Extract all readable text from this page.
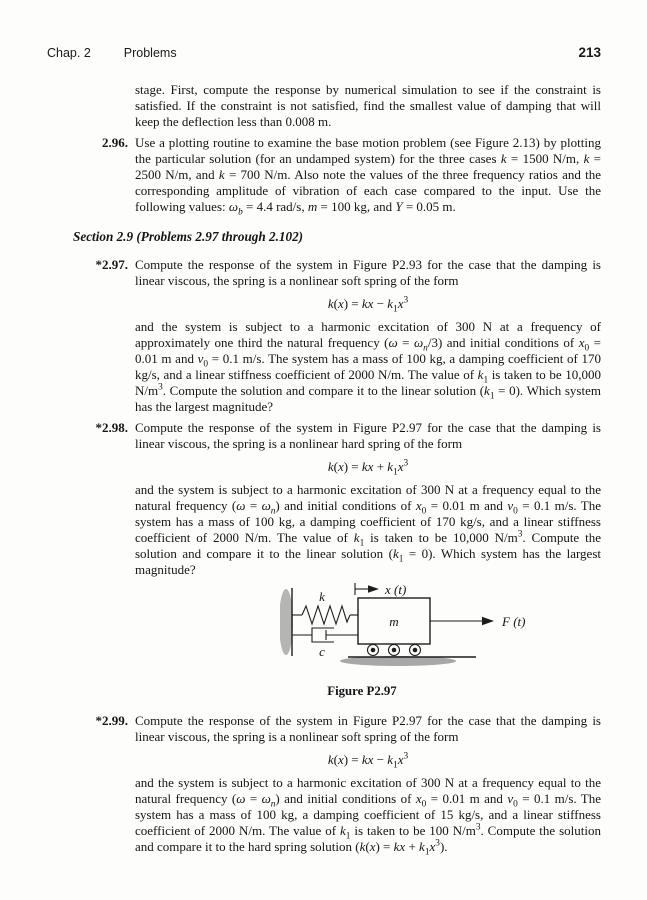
Chap. 2	Problems	213

stage. First, compute the response by numerical simulation to see if the constraint is satisfied. If the constraint is not satisfied, find the smallest value of damping that will keep the deflection less than 0.008 m.

2.96. Use a plotting routine to examine the base motion problem (see Figure 2.13) by plotting the particular solution (for an undamped system) for the three cases k = 1500 N/m, k = 2500 N/m, and k = 700 N/m. Also note the values of the three frequency ratios and the corresponding amplitude of vibration of each case compared to the input. Use the following values: $\omega_b = 4.4$ rad/s, m = 100 kg, and Y = 0.05 m.
Section 2.9 (Problems 2.97 through 2.102)
*2.97. Compute the response of the system in Figure P2.93 for the case that the damping is linear viscous, the spring is a nonlinear soft spring of the form
k(x) = kx − $k_1x^3$
and the system is subject to a harmonic excitation of 300 N at a frequency of approximately one third the natural frequency $(\omega = \omega_n/3)$ and initial conditions of $x_0 = 0.01$ m and $v_0 = 0.1$ m/s. The system has a mass of 100 kg, a damping coefficient of 170 kg/s, and a linear stiffness coefficient of 2000 N/m. The value of $k_1$ is taken to be 10,000 $N/m^3$. Compute the solution and compare it to the linear solution $(k_1 = 0)$. Which system has the largest magnitude?
*2.98. Compute the response of the system in Figure P2.97 for the case that the damping is linear viscous, the spring is a nonlinear hard spring of the form
k(x) = kx + $k_1x^3$
and the system is subject to a harmonic excitation of 300 N at a frequency equal to the natural frequency $(\omega = \omega_n)$ and initial conditions of $x_0 = 0.01$ m and $v_0 = 0.1$ m/s. The system has a mass of 100 kg, a damping coefficient of 170 kg/s, and a linear stiffness coefficient of 2000 N/m. The value of $k_1$ is taken to be 10,000 $N/m^3$. Compute the solution and compare it to the linear solution $(k_1 = 0)$. Which system has the largest magnitude?
k
c
m	F (t)
x (t)
Figure P2.97
*2.99. Compute the response of the system in Figure P2.97 for the case that the damping is linear viscous, the spring is a nonlinear soft spring of the form
k(x) = kx − $k_1x^3$
and the system is subject to a harmonic excitation of 300 N at a frequency equal to the natural frequency $(\omega = \omega_n)$ and initial conditions of $x_0 = 0.01$ m and $v_0 = 0.1$ m/s. The system has a mass of 100 kg, a damping coefficient of 15 kg/s, and a linear stiffness coefficient of 2000 N/m. The value of $k_1$ is taken to be 100 $N/m^3$. Compute the solution and compare it to the hard spring solution (k(x) = kx + $k_1x^3$).
